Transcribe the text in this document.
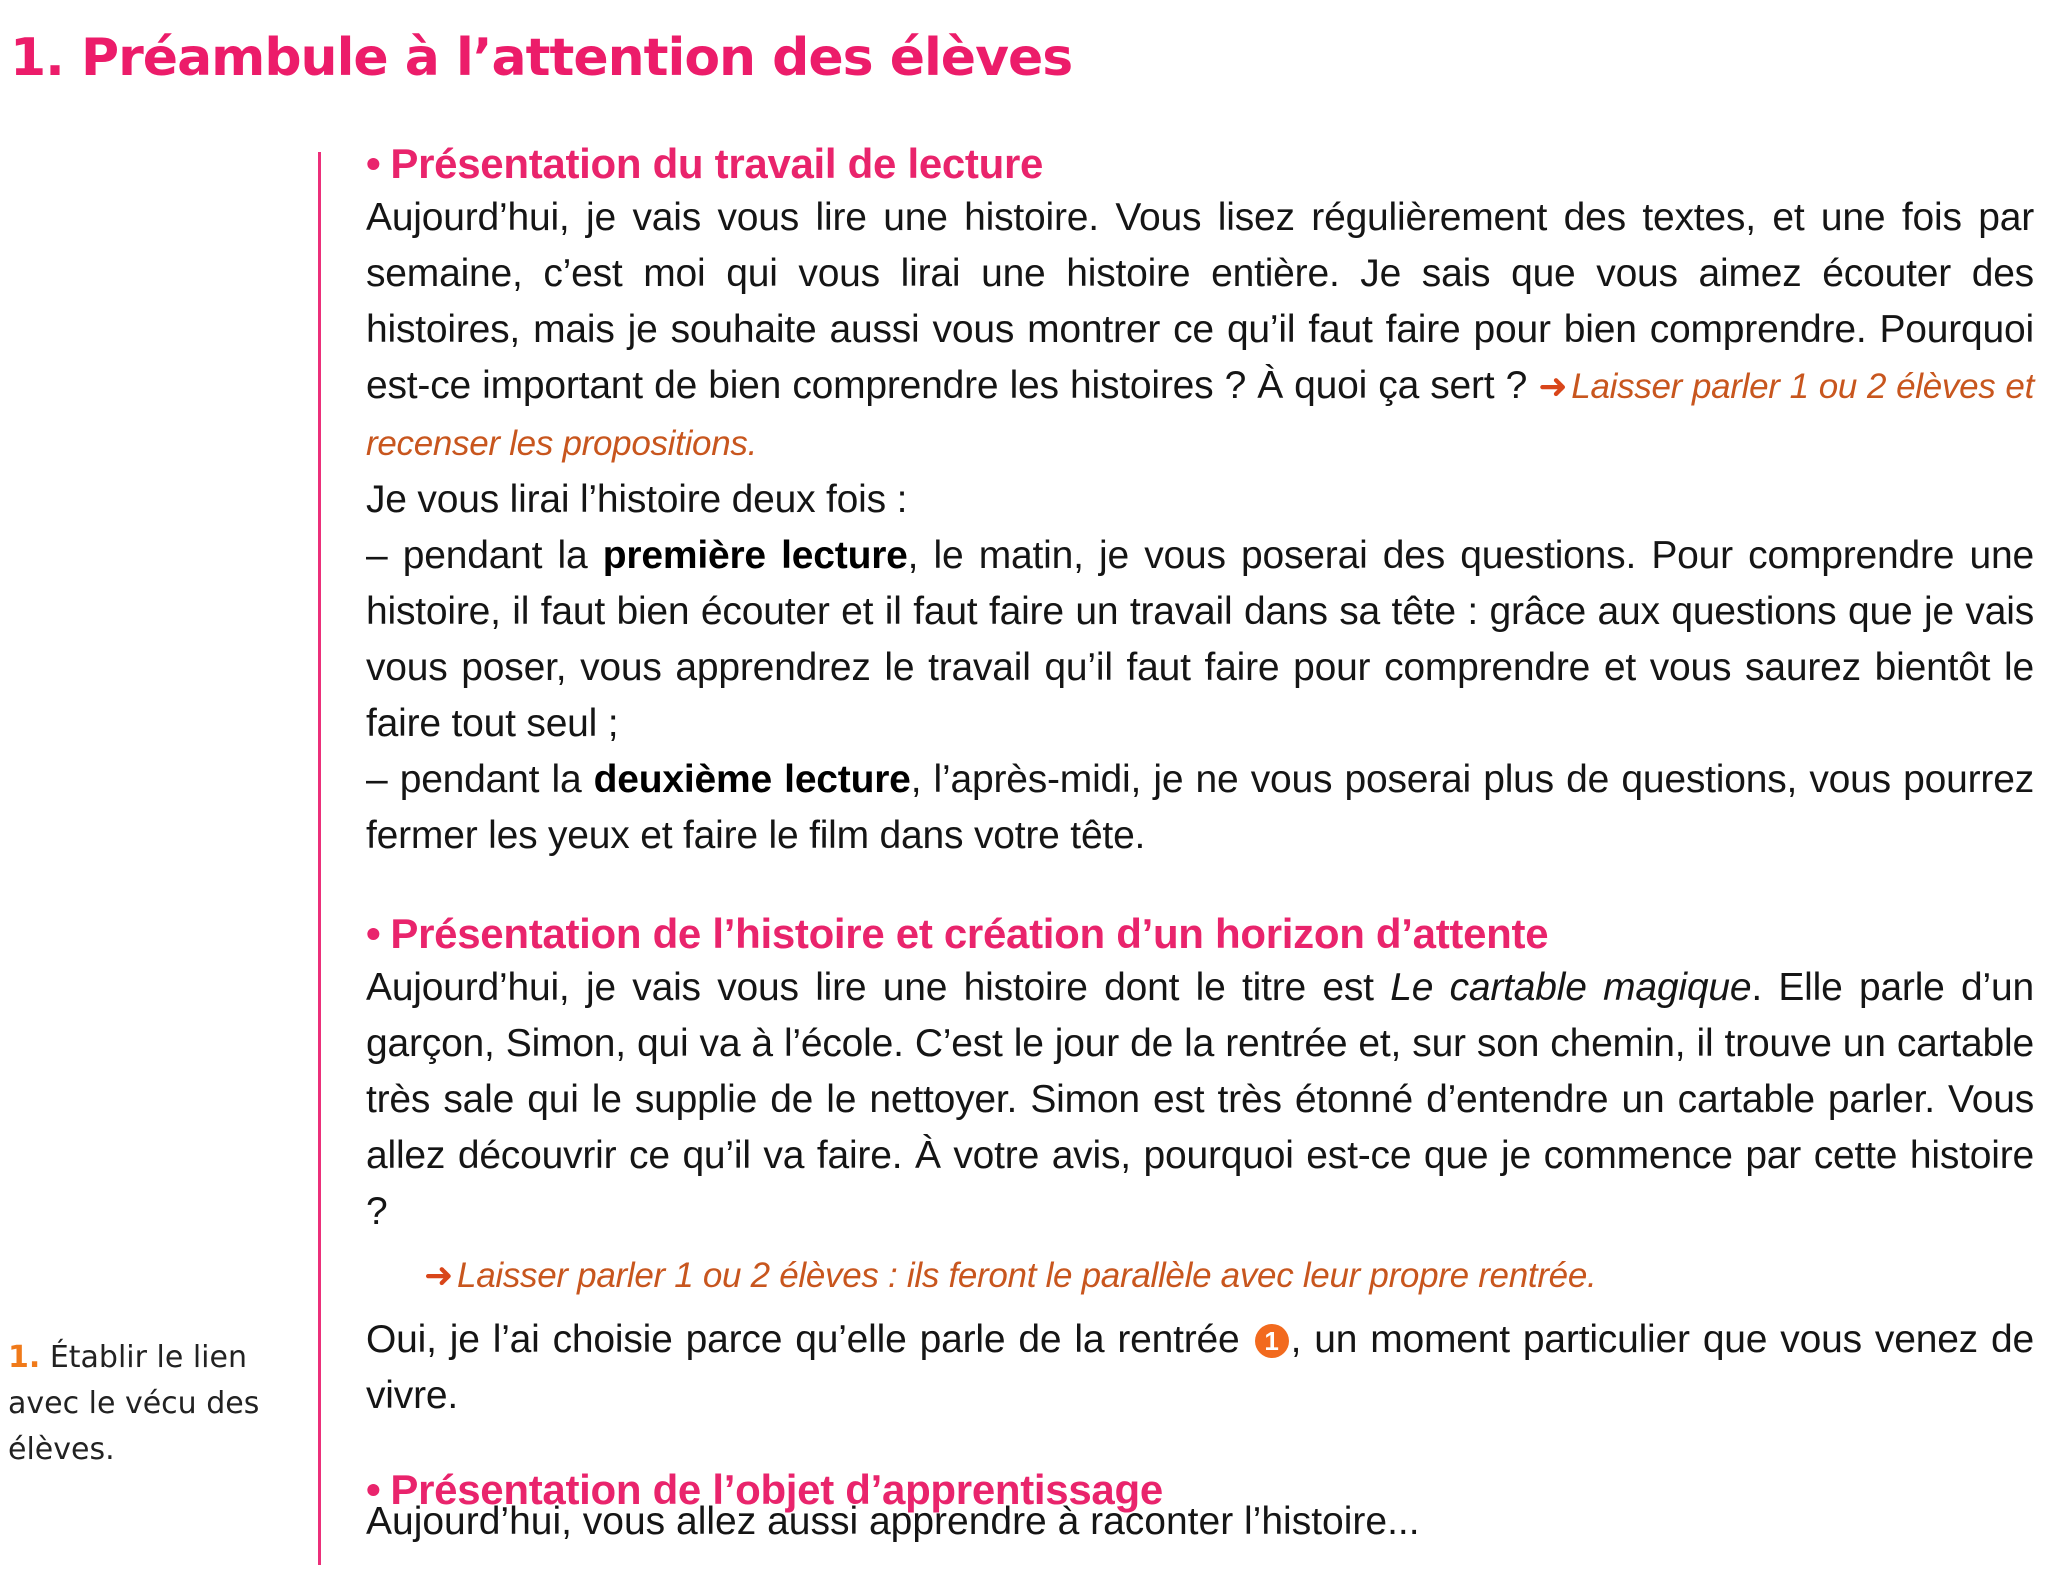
1. Préambule à l’attention des élèves
1. Établir le lien avec le vécu des élèves.
• Présentation du travail de lecture

Aujourd’hui, je vais vous lire une histoire. Vous lisez régulièrement des textes, et une fois par semaine, c’est moi qui vous lirai une histoire entière. Je sais que vous aimez écouter des histoires, mais je souhaite aussi vous montrer ce qu’il faut faire pour bien comprendre. Pourquoi est-ce important de bien comprendre les histoires ? À quoi ça sert ? ➜ Laisser parler 1 ou 2 élèves et recenser les propositions.

Je vous lirai l’histoire deux fois :

– pendant la première lecture, le matin, je vous poserai des questions. Pour comprendre une histoire, il faut bien écouter et il faut faire un travail dans sa tête : grâce aux questions que je vais vous poser, vous apprendrez le travail qu’il faut faire pour comprendre et vous saurez bientôt le faire tout seul ;

– pendant la deuxième lecture, l’après-midi, je ne vous poserai plus de questions, vous pourrez fermer les yeux et faire le film dans votre tête.

• Présentation de l’histoire et création d’un horizon d’attente

Aujourd’hui, je vais vous lire une histoire dont le titre est Le cartable magique. Elle parle d’un garçon, Simon, qui va à l’école. C’est le jour de la rentrée et, sur son chemin, il trouve un cartable très sale qui le supplie de le nettoyer. Simon est très étonné d’entendre un cartable parler. Vous allez découvrir ce qu’il va faire. À votre avis, pourquoi est-ce que je commence par cette histoire ?

➜ Laisser parler 1 ou 2 élèves : ils feront le parallèle avec leur propre rentrée.

Oui, je l’ai choisie parce qu’elle parle de la rentrée 1 , un moment particulier que vous venez de vivre.

• Présentation de l’objet d’apprentissage
Aujourd’hui, vous allez aussi apprendre à raconter l’histoire...
